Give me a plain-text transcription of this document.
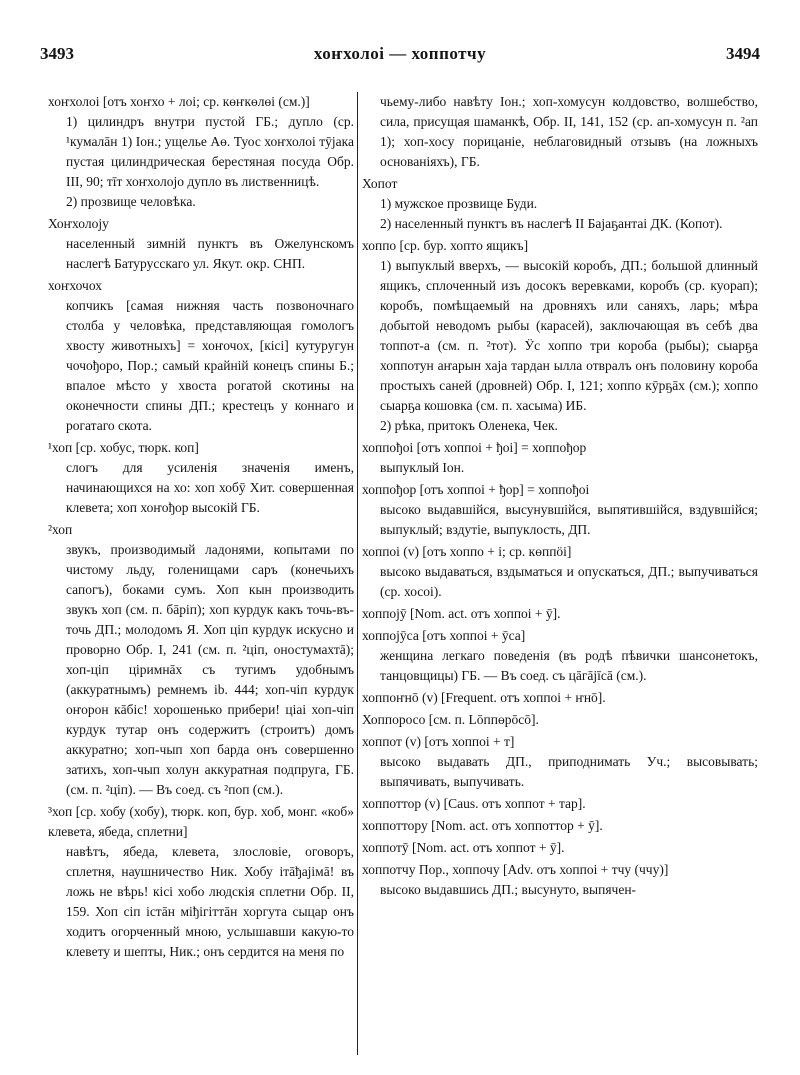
3493	хоҥхолоі — хоппотчу	3494
хоҥхолоі [отъ хоҥхо + лоі; ср. көҥкөлөі (см.)]
1) цилиндръ внутри пустой ГБ.; дупло (ср. ¹кумалāн 1) Іон.; ущелье Аө. Туос хоҥхолоі тӯјака пустая цилиндрическая берестяная посуда Обр. III, 90; тīт хоҥхолојо дупло въ лиственницѣ.
2) прозвище человѣка.
Хоҥхолоју
населенный зимній пунктъ въ Ожелунскомъ наслегѣ Батурусскаго ул. Якут. окр. СНП.
хоҥхочох
копчикъ [самая нижняя часть позвоночнаго столба у человѣка, представляющая гомологъ хвосту животныхъ] = хоҥочох, [кісі] кутуругун чочођоро, Пор.; самый крайній конецъ спины Б.; впалое мѣсто у хвоста рогатой скотины на оконечности спины ДП.; крестецъ у коннаго и рогатаго скота.
¹хоп [ср. хобус, тюрк. коп]
слогъ для усиленія значенія именъ, начинающихся на хо: хоп хобӯ Хит. совершенная клевета; хоп хоҥођор высокій ГБ.
²хоп
звукъ, производимый ладонями, копытами по чистому льду, голенищами саръ (конечьихъ сапогъ), боками сумъ. Хоп кын производить звукъ хоп (см. п. бāріп); хоп курдук какъ точь-въ-точь ДП.; молодомъ Я. Хоп ціп курдук искусно и проворно Обр. I, 241 (см. п. ²ціп, оностумахтā); хоп-ціп ціримнāх съ тугимъ удобнымъ (аккуратнымъ) ремнемъ ib. 444; хоп-чіп курдук оҥорон кāбіс! хорошенько прибери! ціаі хоп-чіп курдук тутар онъ содержитъ (строитъ) домъ аккуратно; хоп-чып хоп барда онъ совершенно затихъ, хоп-чып холун аккуратная подпруга, ГБ. (см. п. ²ціп). — Въ соед. съ ²поп (см.).
³хоп [ср. хобу (хобу), тюрк. коп, бур. хоб, монг. «коб» клевета, ябеда, сплетни]
навѣтъ, ябеда, клевета, злословіе, оговоръ, сплетня, наушничество Ник. Хобу ітāђајімā! въ ложь не вѣрь! кісі хобо людскія сплетни Обр. II, 159. Хоп сіп істāн міђігіттāн хоргута сыцар онъ ходитъ огорченный мною, услышавши какую-то клевету и шепты, Ник.; онъ сердится на меня по
чьему-либо навѣту Іон.; хоп-хомусун колдовство, волшебство, сила, присущая шаманкѣ, Обр. II, 141, 152 (ср. ап-хомусун п. ²ап 1); хоп-хосу порицаніе, неблаговидный отзывъ (на ложныхъ основаніяхъ), ГБ.
Хопот
1) мужское прозвище Буди.
2) населенный пунктъ въ наслегѣ II Бајаҕантаі ДК. (Копот).
хоппо [ср. бур. хопто ящикъ]
1) выпуклый вверхъ, — высокій коробъ, ДП.; большой длинный ящикъ, сплоченный изъ досокъ веревками, коробъ (ср. куорап); коробъ, помѣщаемый на дровняхъ или саняхъ, ларь; мѣра добытой неводомъ рыбы (карасей), заключающая въ себѣ два топпот-а (см. п. ²тот). Ӱс хоппо три короба (рыбы); сыарҕа хоппотун аҥарын хаја тардан ылла отвралъ онъ половину короба простыхъ саней (дровней) Обр. I, 121; хоппо кӯрҕāх (см.); хоппо сыарҕа кошовка (см. п. хасыма) ИБ.
2) рѣка, притокъ Оленека, Чек.
хоппођоі [отъ хоппоі + ђоі] = хоппођор
выпуклый Іон.
хоппођор [отъ хоппоі + ђор] = хоппођоі
высоко выдавшійся, высунувшійся, выпятившійся, вздувшійся; выпуклый; вздутіе, выпуклость, ДП.
хоппоі (v) [отъ хоппо + і; ср. көппöі]
высоко выдаваться, вздыматься и опускаться, ДП.; выпучиваться (ср. хосоі).
хоппојӯ [Nom. act. отъ хоппоі + ӯ].
хоппојӯса [отъ хоппоі + ӯса]
женщина легкаго поведенія (въ родѣ пѣвички шансонетокъ, танцовщицы) ГБ. — Въ соед. съ цāгāјīсā (см.).
хоппоҥнō (v) [Frequent. отъ хоппоі + ҥнō].
Хоппоросо [см. п. Lōппөрōсō].
хоппот (v) [отъ хоппоі + т]
высоко выдавать ДП., приподнимать Уч.; высовывать; выпячивать, выпучивать.
хоппоттор (v) [Caus. отъ хоппот + тар].
хоппоттору [Nom. act. отъ хоппоттор + ӯ].
хоппотӯ [Nom. act. отъ хоппот + ӯ].
хоппотчу Пор., хоппочу [Adv. отъ хоппоі + тчу (ччу)]
высоко выдавшись ДП.; высунуто, выпячен-
